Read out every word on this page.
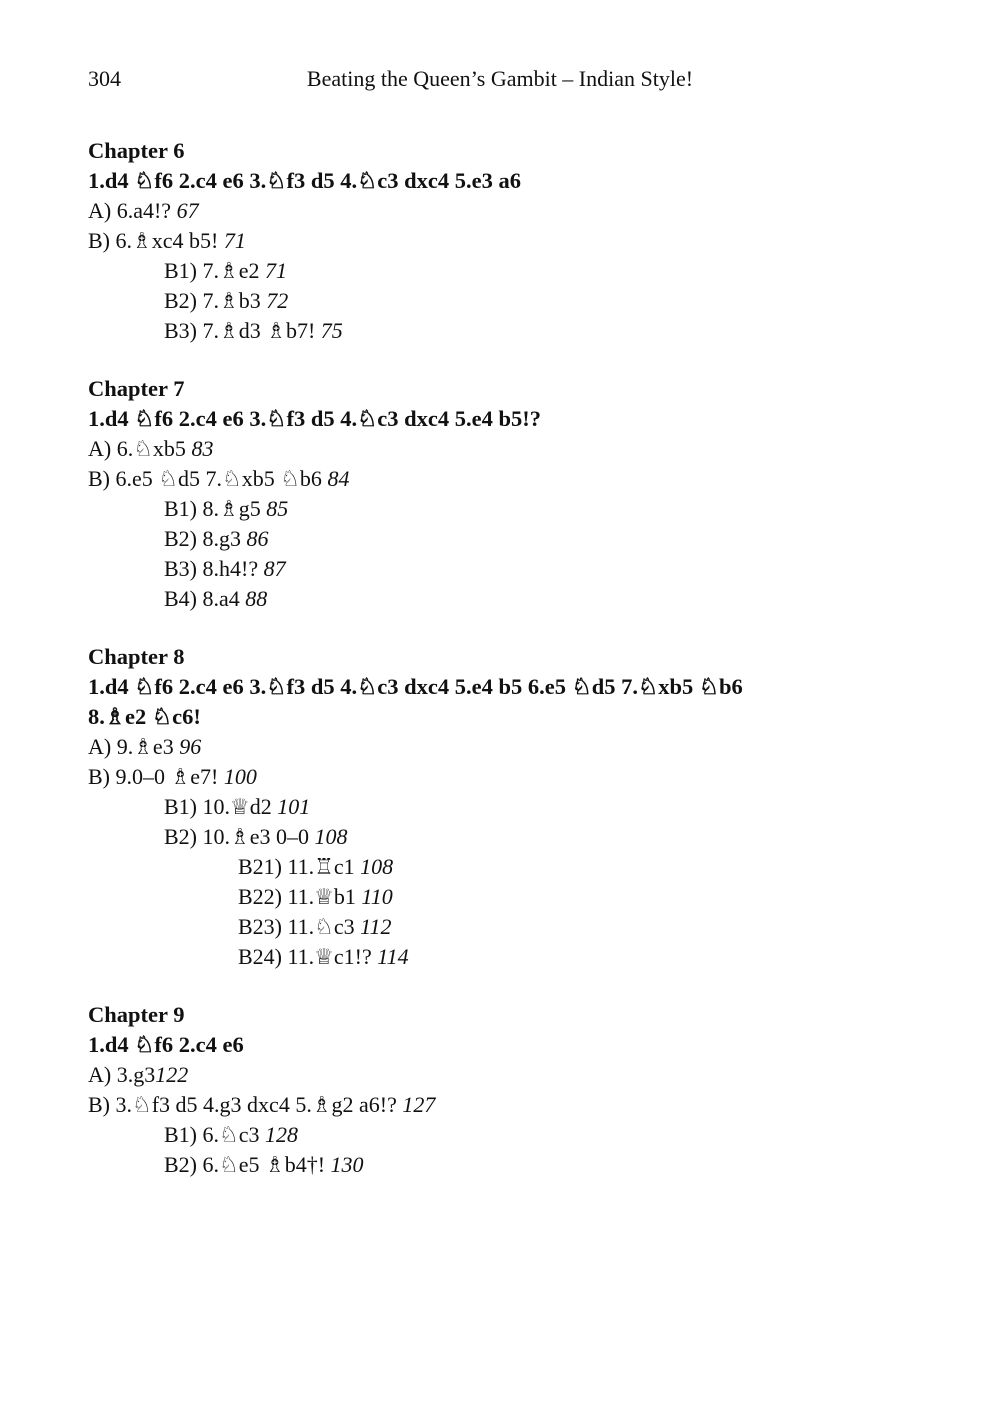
304	Beating the Queen’s Gambit – Indian Style!
Chapter 6
1.d4 ♘f6 2.c4 e6 3.♘f3 d5 4.♘c3 dxc4 5.e3 a6
A) 6.a4!? 67
B) 6.♗xc4 b5! 71
B1) 7.♗e2 71
B2) 7.♗b3 72
B3) 7.♗d3 ♗b7! 75
Chapter 7
1.d4 ♘f6 2.c4 e6 3.♘f3 d5 4.♘c3 dxc4 5.e4 b5!?
A) 6.♘xb5 83
B) 6.e5 ♘d5 7.♘xb5 ♘b6 84
B1) 8.♗g5 85
B2) 8.g3 86
B3) 8.h4!? 87
B4) 8.a4 88
Chapter 8
1.d4 ♘f6 2.c4 e6 3.♘f3 d5 4.♘c3 dxc4 5.e4 b5 6.e5 ♘d5 7.♘xb5 ♘b6
8.♗e2 ♘c6!
A) 9.♗e3 96
B) 9.0–0 ♗e7! 100
B1) 10.♕d2 101
B2) 10.♗e3 0–0 108
B21) 11.♖c1 108
B22) 11.♕b1 110
B23) 11.♘c3 112
B24) 11.♕c1!? 114
Chapter 9
1.d4 ♘f6 2.c4 e6
A) 3.g3122
B) 3.♘f3 d5 4.g3 dxc4 5.♗g2 a6!? 127
B1) 6.♘c3 128
B2) 6.♘e5 ♗b4†! 130
